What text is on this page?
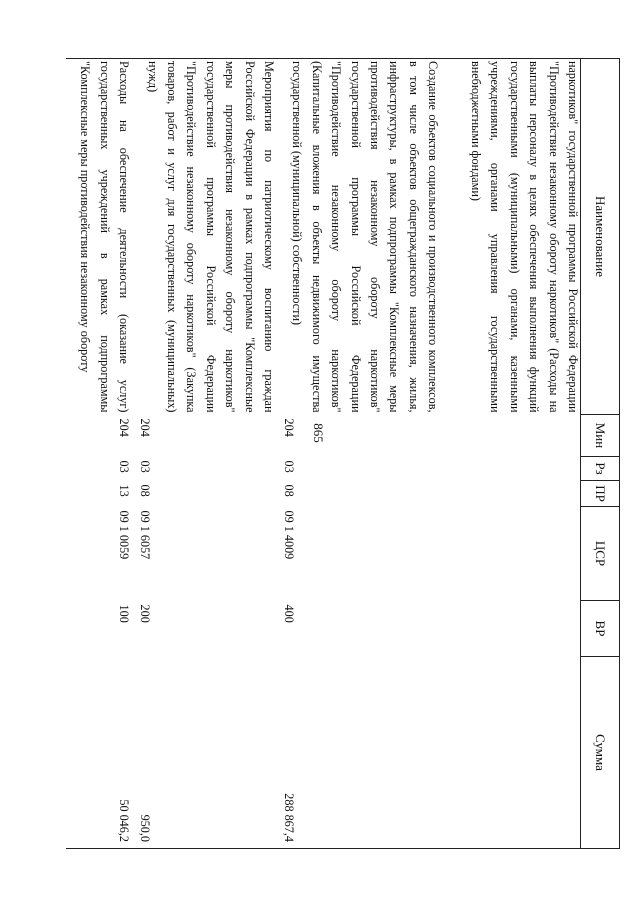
865
Наименование	Мин	Рз	ПР	ЦСР	ВР	Сумма

наркотиков" государственной программы Российской Федерации "Противодействие незаконному обороту наркотиков" (Расходы на выплаты персоналу в целях обеспечения выполнения функций государственными (муниципальными) органами, казенными учреждениями, органами управления государственными внебюджетными фондами)						

Создание объектов социального и производственного комплексов, в том числе объектов общегражданского назначения, жилья, инфраструктуры, в рамках подпрограммы "Комплексные меры противодействия незаконному обороту наркотиков" государственной программы Российской Федерации "Противодействие незаконному обороту наркотиков" (Капитальные вложения в объекты недвижимого имущества государственной (муниципальной) собственности)	204	03	08	09 1 4009	400	288 867,4
Мероприятия по патриотическому воспитанию граждан Российской Федерации в рамках подпрограммы "Комплексные меры противодействия незаконному обороту наркотиков" государственной программы Российской Федерации "Противодействие незаконному обороту наркотиков" (Закупка товаров, работ и услуг для государственных (муниципальных) нужд)	204	03	08	09 1 6057	200	950,0
Расходы на обеспечение деятельности (оказание услуг) государственных учреждений в рамках подпрограммы "Комплексные меры противодействия незаконному обороту	204	03	13	09 1 0059	100	50 046,2
